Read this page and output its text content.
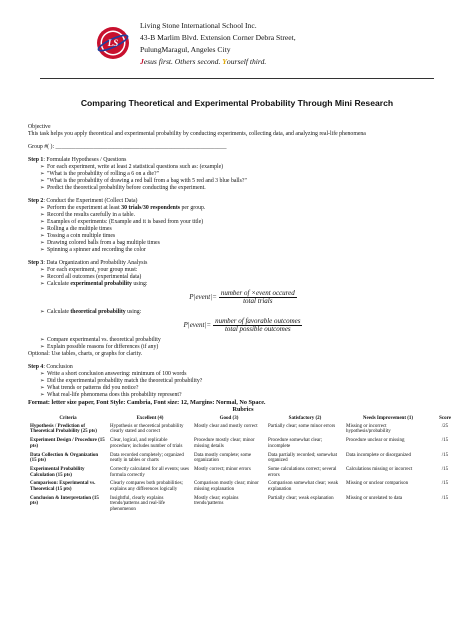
LS
Living Stone International School Inc.
43-B Marlim Blvd. Extension Corner Debra Street,
PulungMaragul, Angeles City
Jesus first. Others second. Yourself third.
Comparing Theoretical and Experimental Probability Through Mini Research

Objective

This task helps you apply theoretical and experimental probability by conducting experiments, collecting data, and analyzing real-life phenomena

Group #( ): ___________________________________________________________

Step 1: Formulate Hypotheses / Questions

➢ For each experiment, write at least 2 statistical questions such as: (example)
➢ "What is the probability of rolling a 6 on a die?"
➢ "What is the probability of drawing a red ball from a bag with 5 red and 3 blue balls?"
➢ Predict the theoretical probability before conducting the experiment.

Step 2: Conduct the Experiment (Collect Data)

➢ Perform the experiment at least 30 trials/30 respondents per group.
➢ Record the results carefully in a table.
➢ Examples of experiments: (Example and it is based from your title)
➢ Rolling a die multiple times
➢ Tossing a coin multiple times
➢ Drawing colored balls from a bag multiple times
➢ Spinning a spinner and recording the color

Step 3: Data Organization and Probability Analysis

➢ For each experiment, your group must:
➢ Record all outcomes (experimental data)
➢ Calculate experimental probability using:
P|event|= $\frac{\text{number of ×event occured}}{\text{total trials}}$
➢ Calculate theoretical probability using:
P|event|= $\frac{\text{number of favorable outcomes}}{\text{total possible outcomes}}$
➢ Compare experimental vs. theoretical probability
➢ Explain possible reasons for differences (if any)

Optional: Use tables, charts, or graphs for clarity.

Step 4: Conclusion

➢ Write a short conclusion answering: minimum of 100 words
➢ Did the experimental probability match the theoretical probability?
➢ What trends or patterns did you notice?
➢ What real-life phenomena does this probability represent?

Format: letter size paper, Font Style: Cambria, Font size: 12, Margins: Normal, No Space.

Rubrics

Criteria	Excellent (4)	Good (3)	Satisfactory (2)	Needs Improvement (1)	Score
Hypothesis / Prediction of Theoretical Probability (25 pts)	Hypothesis or theoretical probability clearly stated and correct	Mostly clear and mostly correct	Partially clear; some minor errors	Missing or incorrect hypothesis/probability	/25
Experiment Design / Procedure (15 pts)	Clear, logical, and replicable procedure; includes number of trials	Procedure mostly clear; minor missing details	Procedure somewhat clear; incomplete	Procedure unclear or missing	/15
Data Collection & Organization (15 pts)	Data recorded completely; organized neatly in tables or charts	Data mostly complete; some organization	Data partially recorded; somewhat organized	Data incomplete or disorganized	/15
Experimental Probability Calculation (15 pts)	Correctly calculated for all events; uses formula correctly	Mostly correct; minor errors	Some calculations correct; several errors	Calculations missing or incorrect	/15
Comparison: Experimental vs. Theoretical (15 pts)	Clearly compares both probabilities; explains any differences logically	Comparison mostly clear; minor missing explanation	Comparison somewhat clear; weak explanation	Missing or unclear comparison	/15
Conclusion & Interpretation (15 pts)	Insightful, clearly explains trends/patterns and real-life phenomenon	Mostly clear; explains trends/patterns	Partially clear; weak explanation	Missing or unrelated to data	/15
